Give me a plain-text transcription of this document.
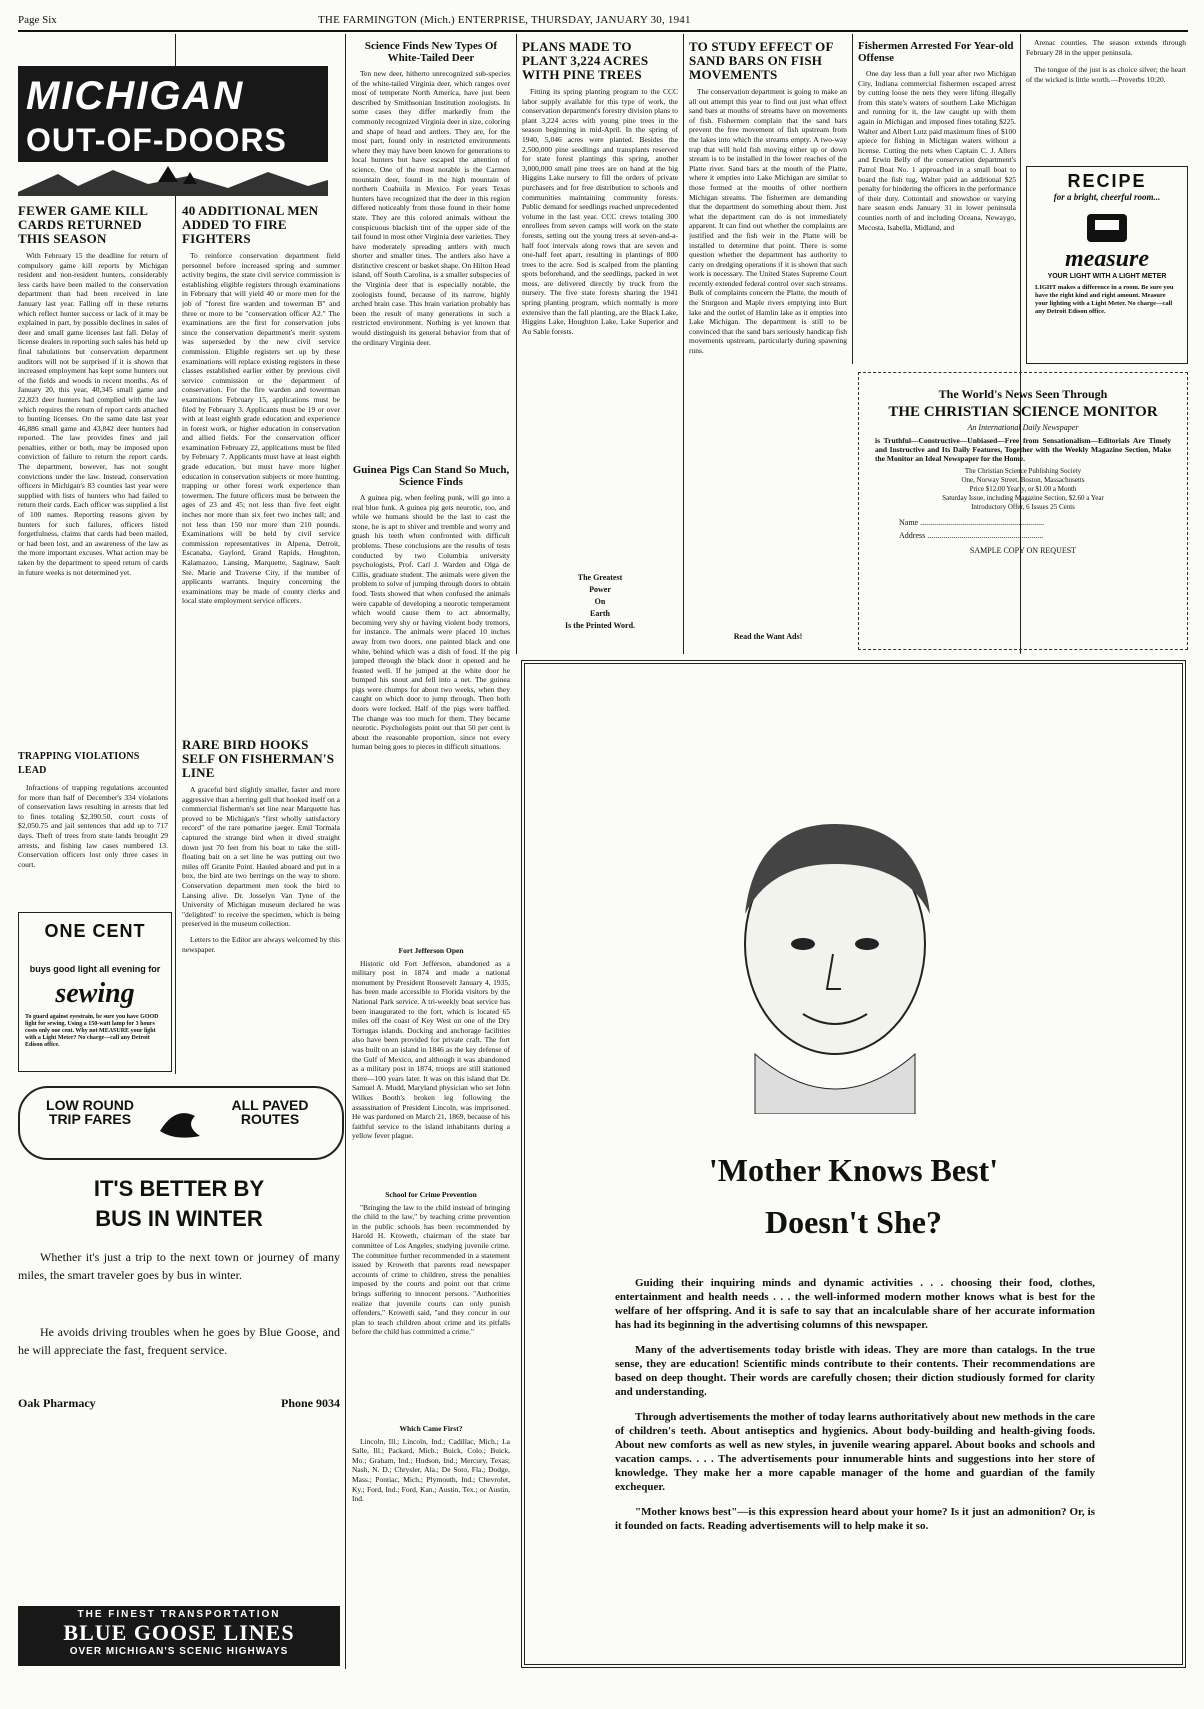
Page Six	THE FARMINGTON (Mich.) ENTERPRISE, THURSDAY, JANUARY 30, 1941
MICHIGAN
OUT-OF-DOORS
FEWER GAME KILL CARDS RETURNED THIS SEASON

With February 15 the deadline for return of compulsory game kill reports by Michigan resident and non-resident hunters, considerably less cards have been mailed to the conservation department than had been received in late January last year. Falling off in these returns which reflect hunter success or lack of it may be explained in part, by possible declines in sales of deer and small game licenses last fall. Delay of license dealers in reporting such sales has held up final tabulations but conservation department auditors will not be surprised if it is shown that increased employment has kept some hunters out of the fields and woods in recent months. As of January 20, this year, 40,345 small game and 22,823 deer hunters had complied with the law which requires the return of report cards attached to hunting licenses. On the same date last year 46,886 small game and 43,842 deer hunters had reported. The law provides fines and jail penalties, either or both, may be imposed upon conviction of failure to return the report cards. The department, however, has not sought convictions under the law. Instead, conservation officers in Michigan's 83 counties last year were supplied with lists of hunters who had failed to return their cards. Each officer was supplied a list of 100 names. Reporting reasons given by hunters for such failures, officers listed forgetfulness, claims that cards had been mailed, or had been lost, and an awareness of the law as the more important excuses. What action may be taken by the department to speed return of cards in future weeks is not determined yet.

TRAPPING VIOLATIONS LEAD

Infractions of trapping regulations accounted for more than half of December's 334 violations of conservation laws resulting in arrests that led to fines totaling $2,390.50, court costs of $2,050.75 and jail sentences that add up to 717 days. Theft of trees from state lands brought 29 arrests, and fishing law cases numbered 13. Conservation officers lost only three cases in court.

ONE CENT
buys good light all evening for
sewing
To guard against eyestrain, be sure you have GOOD light for sewing. Using a 150-watt lamp for 3 hours costs only one cent. Why not MEASURE your light with a Light Meter? No charge—call any Detroit Edison office.
40 ADDITIONAL MEN ADDED TO FIRE FIGHTERS

To reinforce conservation department field personnel before increased spring and summer activity begins, the state civil service commission is establishing eligible registers through examinations in February that will yield 40 or more men for the job of "forest fire warden and towerman B" and three or more to be "conservation officer A2." The examinations are the first for conservation jobs since the conservation department's merit system was superseded by the new civil service commission. Eligible registers set up by these examinations will replace existing registers in these classes established earlier either by previous civil service commission or the department of conservation. For the fire warden and towerman examinations February 15, applications must be filed by February 3. Applicants must be 19 or over with at least eighth grade education and experience in forest work, or higher education in conservation and allied fields. For the conservation officer examination February 22, applications must be filed by February 7. Applicants must have at least eighth grade education, but must have more higher education in conservation subjects or more hunting, trapping or other forest work experience than towermen. The future officers must be between the ages of 23 and 45; not less than five feet eight inches nor more than six feet two inches tall; and not less than 150 nor more than 210 pounds. Examinations will be held by civil service commission representatives in Alpena, Detroit, Escanaba, Gaylord, Grand Rapids, Houghton, Kalamazoo, Lansing, Marquette, Saginaw, Sault Ste. Marie and Traverse City, if the number of applicants warrants. Inquiry concerning the examinations may be made of county clerks and local state employment service officers.

RARE BIRD HOOKS SELF ON FISHERMAN'S LINE

A graceful bird slightly smaller, faster and more aggressive than a herring gull that hooked itself on a commercial fisherman's set line near Marquette has proved to be Michigan's "first wholly satisfactory record" of the rare pomarine jaeger. Emil Tormala captured the strange bird when it dived straight down just 70 feet from his boat to take the still-floating bait on a set line he was putting out two miles off Granite Point. Hauled aboard and put in a box, the bird ate two herrings on the way to shore. Conservation department men took the bird to Lansing alive. Dr. Josselyn Van Tyne of the University of Michigan museum declared he was "delighted" to receive the specimen, which is being preserved in the museum collection.

Letters to the Editor are always welcomed by this newspaper.

LOW ROUND TRIP FARES
ALL PAVED ROUTES
IT'S BETTER BY
BUS IN WINTER
Whether it's just a trip to the next town or journey of many miles, the smart traveler goes by bus in winter.
He avoids driving troubles when he goes by Blue Goose, and he will appreciate the fast, frequent service.
Oak Pharmacy	Phone 9034
THE FINEST TRANSPORTATION
BLUE GOOSE LINES
OVER MICHIGAN'S SCENIC HIGHWAYS
Science Finds New Types Of White-Tailed Deer

Ten new deer, hitherto unrecognized sub-species of the white-tailed Virginia deer, which ranges over most of temperate North America, have just been described by Smithsonian Institution zoologists. In some cases they differ markedly from the commonly recognized Virginia deer in size, coloring and shape of head and antlers. They are, for the most part, found only in restricted environments where they may have been known for generations to local hunters but have escaped the attention of science. One of the most notable is the Carmen mountain deer, found in the high mountain of northern Coahuila in Mexico. For years Texas hunters have recognized that the deer in this region differed noticeably from those found in their home state. They are this colored animals without the conspicuous blackish tint of the upper side of the tail found in most other Virginia deer varieties. They have moderately spreading antlers with much shorter and smaller tines. The antlers also have a distinctive crescent or basket shape. On Hilton Head island, off South Carolina, is a smaller subspecies of the Virginia deer that is especially notable, the zoologists found, because of its narrow, highly arched brain case. This brain variation probably has been the result of many generations in such a restricted environment. Nothing is yet known that would distinguish its general behavior from that of the ordinary Virginia deer.

Guinea Pigs Can Stand So Much, Science Finds

A guinea pig, when feeling punk, will go into a real blue funk. A guinea pig gets neurotic, too, and while we humans should be the last to cast the stone, he is apt to shiver and tremble and worry and gnash his teeth when confronted with difficult problems. These conclusions are the results of tests conducted by two Columbia university psychologists, Prof. Carl J. Warden and Olga de Cillis, graduate student. The animals were given the problem to solve of jumping through doors to obtain food. Tests showed that when confused the animals were capable of developing a neurotic temperament which would cause them to act abnormally, becoming very shy or having violent body tremors, for instance. The animals were placed 10 inches away from two doors, one painted black and one white, behind which was a dish of food. If the pig jumped through the black door it opened and he feasted well. If he jumped at the white door he bumped his snout and fell into a net. The guinea pigs were chumps for about two weeks, when they caught on which door to jump through. Then both doors were locked. Half of the pigs were baffled. The change was too much for them. They became neurotic. Psychologists point out that 50 per cent is about the reasonable proportion, since not every human being goes to pieces in difficult situations.

Fort Jefferson Open

Historic old Fort Jefferson, abandoned as a military post in 1874 and made a national monument by President Roosevelt January 4, 1935, has been made accessible to Florida visitors by the National Park service. A tri-weekly boat service has been inaugurated to the fort, which is located 65 miles off the coast of Key West on one of the Dry Tortugas islands. Docking and anchorage facilities also have been provided for private craft. The fort was built on an island in 1846 as the key defense of the Gulf of Mexico, and although it was abandoned as a military post in 1874, troops are still stationed there—100 years later. It was on this island that Dr. Samuel A. Mudd, Maryland physician who set John Wilkes Booth's broken leg following the assassination of President Lincoln, was imprisoned. He was pardoned on March 21, 1869, because of his faithful service to the island inhabitants during a yellow fever plague.

School for Crime Prevention

"Bringing the law to the child instead of bringing the child to the law," by teaching crime prevention in the public schools has been recommended by Harold H. Kroweth, chairman of the state bar committee of Los Angeles, studying juvenile crime. The committee further recommended in a statement issued by Kroweth that parents read newspaper accounts of crime to children, stress the penalties imposed by the courts and point out that crime brings suffering to innocent persons. "Authorities realize that juvenile courts can only punish offenders," Kroweth said, "and they concur in our plan to teach children about crime and its pitfalls before the child has committed a crime."

Which Came First?

Lincoln, Ill.; Lincoln, Ind.; Cadillac, Mich.; La Salle, Ill.; Packard, Mich.; Buick, Colo.; Buick, Mo.; Graham, Ind.; Hudson, Ind.; Mercury, Texas; Nash, N. D.; Chrysler, Ala.; De Soto, Fla.; Dodge, Mass.; Pontiac, Mich.; Plymouth, Ind.; Chevrolet, Ky.; Ford, Ind.; Ford, Kan.; Austin, Tex.; or Austin, Ind.

PLANS MADE TO PLANT 3,224 ACRES WITH PINE TREES

Fitting its spring planting program to the CCC labor supply available for this type of work, the conservation department's forestry division plans to plant 3,224 acres with young pine trees in the season beginning in mid-April. In the spring of 1940, 5,046 acres were planted. Besides the 2,500,000 pine seedlings and transplants reserved for state forest plantings this spring, another 3,000,000 small pine trees are on hand at the big Higgins Lake nursery to fill the orders of private purchasers and for free distribution to schools and communities maintaining community forests. Public demand for seedlings reached unprecedented volume in the last year. CCC crews totaling 300 enrollees from seven camps will work on the state forests, setting out the young trees at seven-and-a-half foot intervals along rows that are seven and one-half feet apart, resulting in plantings of 800 trees to the acre. Sod is scalped from the planting spots beforehand, and the seedlings, packed in wet moss, are delivered directly by truck from the nursery. The five state forests sharing the 1941 spring planting program, which normally is more extensive than the fall planting, are the Black Lake, Higgins Lake, Houghton Lake, Lake Superior and Au Sable forests.

The Greatest
Power
On
Earth
Is the Printed Word.
TO STUDY EFFECT OF SAND BARS ON FISH MOVEMENTS

The conservation department is going to make an all out attempt this year to find out just what effect sand bars at mouths of streams have on movements of fish. Fishermen complain that the sand bars prevent the free movement of fish upstream from the lakes into which the streams empty. A two-way trap that will hold fish moving either up or down stream is to be installed in the lower reaches of the Platte river. Sand bars at the mouth of the Platte, where it empties into Lake Michigan are similar to those formed at the mouths of other northern Michigan streams. The fishermen are demanding that the department do something about them. Just what the department can do is not immediately apparent. It can find out whether the complaints are justified and the fish weir in the Platte will be installed to determine that point. There is some question whether the department has authority to carry on dredging operations if it is shown that such work is necessary. The United States Supreme Court recently extended federal control over such streams. Bulk of complaints concern the Platte, the mouth of the Sturgeon and Maple rivers emptying into Burt lake and the outlet of Hamlin lake as it empties into Lake Michigan. The department is still to be convinced that the sand bars seriously handicap fish movements upstream, particularly during spawning runs.

Read the Want Ads!
Fishermen Arrested For Year-old Offense

One day less than a full year after two Michigan City, Indiana commercial fishermen escaped arrest by cutting loose the nets they were lifting illegally from this state's waters of southern Lake Michigan and running for it, the law caught up with them again in Michigan and imposed fines totaling $225. Walter and Albert Lutz paid maximum fines of $100 apiece for fishing in Michigan waters without a license. Cutting the nets when Captain C. J. Allers and Erwin Belfy of the conservation department's Patrol Boat No. 1 approached in a small boat to board the fish tug, Walter paid an additional $25 penalty for hindering the officers in the performance of their duty. Cottontail and snowshoe or varying hare season ends January 31 in lower peninsula counties north of and including Oceana, Newaygo, Mecosta, Isabella, Midland, and

Arenac counties. The season extends through February 28 in the upper peninsula.

The tongue of the just is as choice silver; the heart of the wicked is little worth.—Proverbs 10:20.

RECIPE
for a bright, cheerful room...
measure
YOUR LIGHT WITH A LIGHT METER
LIGHT makes a difference in a room. Be sure you have the right kind and right amount. Measure your lighting with a Light Meter. No charge—call any Detroit Edison office.
The World's News Seen Through
THE CHRISTIAN SCIENCE MONITOR
An International Daily Newspaper
is Truthful—Constructive—Unbiased—Free from Sensationalism—Editorials Are Timely and Instructive and Its Daily Features, Together with the Weekly Magazine Section, Make the Monitor an Ideal Newspaper for the Home.
The Christian Science Publishing Society
One, Norway Street, Boston, Massachusetts
Price $12.00 Yearly, or $1.00 a Month
Saturday Issue, including Magazine Section, $2.60 a Year
Introductory Offer, 6 Issues 25 Cents
Name ..............................................................
Address ..........................................................
SAMPLE COPY ON REQUEST
'Mother Knows Best'
Doesn't She?

Guiding their inquiring minds and dynamic activities . . . choosing their food, clothes, entertainment and health needs . . . the well-informed modern mother knows what is best for the welfare of her offspring. And it is safe to say that an incalculable share of her accurate information has had its beginning in the advertising columns of this newspaper.

Many of the advertisements today bristle with ideas. They are more than catalogs. In the true sense, they are education! Scientific minds contribute to their contents. Their recommendations are based on deep thought. Their words are carefully chosen; their diction studiously formed for clarity and understanding.

Through advertisements the mother of today learns authoritatively about new methods in the care of children's teeth. About antiseptics and hygienics. About body-building and health-giving foods. About new comforts as well as new styles, in juvenile wearing apparel. About books and schools and vacation camps. . . . The advertisements pour innumerable hints and suggestions into her store of knowledge. They make her a more capable manager of the home and guardian of the family exchequer.

"Mother knows best"—is this expression heard about your home? Is it just an admonition? Or, is it founded on facts. Reading advertisements will to help make it so.
